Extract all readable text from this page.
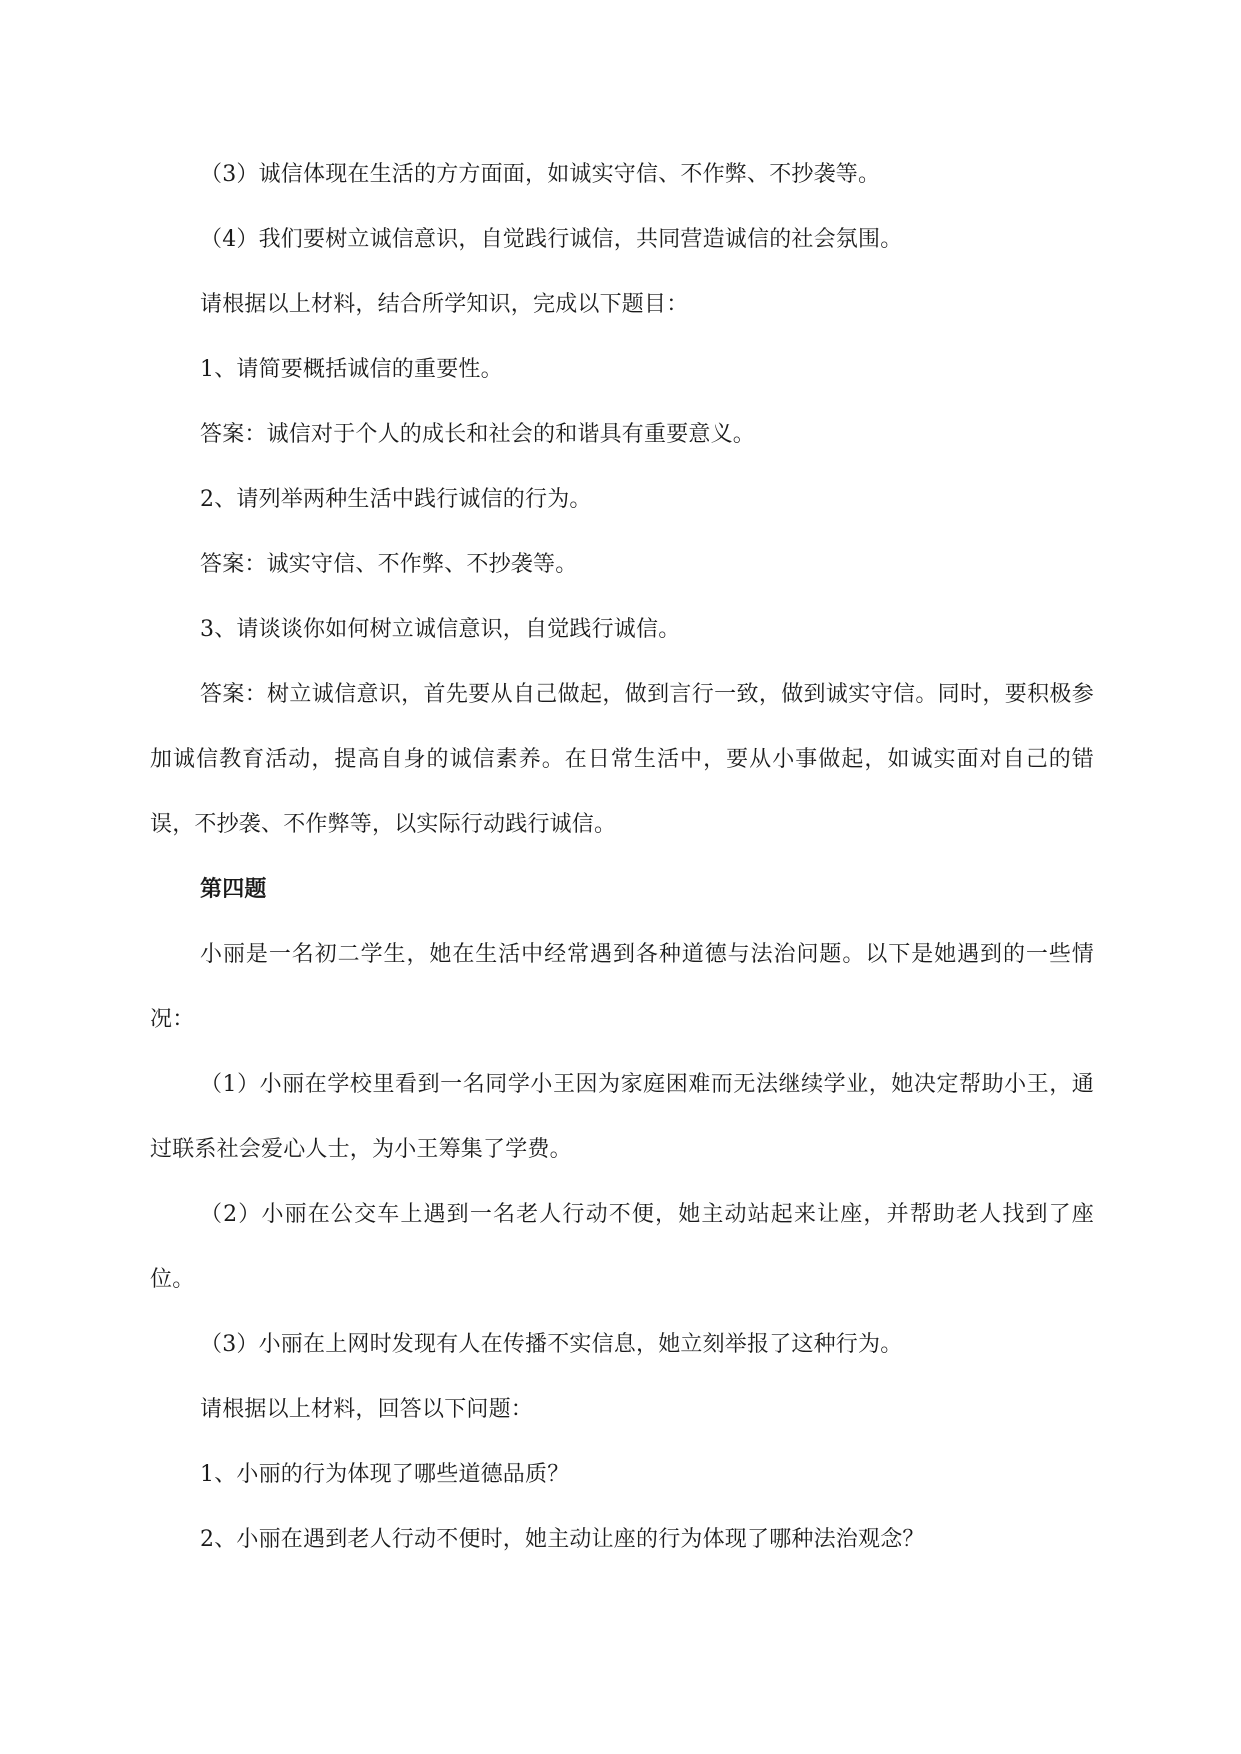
（3）诚信体现在生活的方方面面，如诚实守信、不作弊、不抄袭等。

（4）我们要树立诚信意识，自觉践行诚信，共同营造诚信的社会氛围。

请根据以上材料，结合所学知识，完成以下题目：

1、请简要概括诚信的重要性。

答案：诚信对于个人的成长和社会的和谐具有重要意义。

2、请列举两种生活中践行诚信的行为。

答案：诚实守信、不作弊、不抄袭等。

3、请谈谈你如何树立诚信意识，自觉践行诚信。

答案：树立诚信意识，首先要从自己做起，做到言行一致，做到诚实守信。同时，要积极参加诚信教育活动，提高自身的诚信素养。在日常生活中，要从小事做起，如诚实面对自己的错误，不抄袭、不作弊等，以实际行动践行诚信。

第四题

小丽是一名初二学生，她在生活中经常遇到各种道德与法治问题。以下是她遇到的一些情况：

（1）小丽在学校里看到一名同学小王因为家庭困难而无法继续学业，她决定帮助小王，通过联系社会爱心人士，为小王筹集了学费。

（2）小丽在公交车上遇到一名老人行动不便，她主动站起来让座，并帮助老人找到了座位。

（3）小丽在上网时发现有人在传播不实信息，她立刻举报了这种行为。

请根据以上材料，回答以下问题：

1、小丽的行为体现了哪些道德品质？

2、小丽在遇到老人行动不便时，她主动让座的行为体现了哪种法治观念？
